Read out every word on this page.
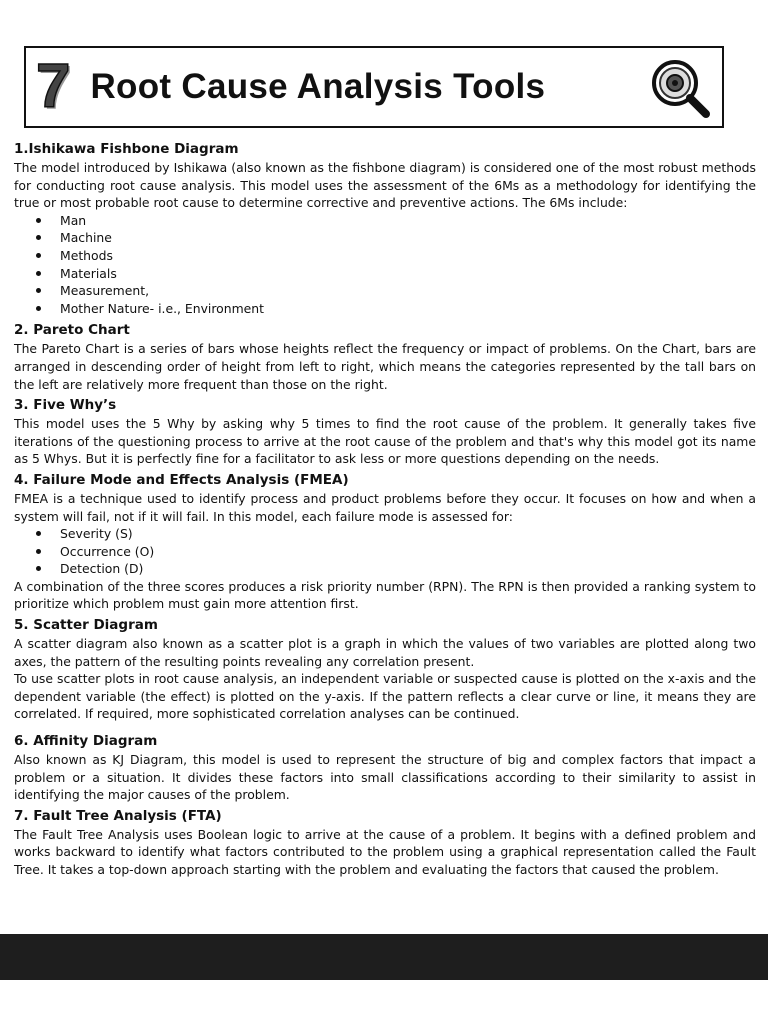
7 Root Cause Analysis Tools

1.Ishikawa Fishbone Diagram

The model introduced by Ishikawa (also known as the fishbone diagram) is considered one of the most robust methods for conducting root cause analysis. This model uses the assessment of the 6Ms as a methodology for identifying the true or most probable root cause to determine corrective and preventive actions. The 6Ms include:

Man
Machine
Methods
Materials
Measurement,
Mother Nature- i.e., Environment

2. Pareto Chart

The Pareto Chart is a series of bars whose heights reflect the frequency or impact of problems. On the Chart, bars are arranged in descending order of height from left to right, which means the categories represented by the tall bars on the left are relatively more frequent than those on the right.

3. Five Why’s

This model uses the 5 Why by asking why 5 times to find the root cause of the problem. It generally takes five iterations of the questioning process to arrive at the root cause of the problem and that's why this model got its name as 5 Whys. But it is perfectly fine for a facilitator to ask less or more questions depending on the needs.

4. Failure Mode and Effects Analysis (FMEA)

FMEA is a technique used to identify process and product problems before they occur. It focuses on how and when a system will fail, not if it will fail. In this model, each failure mode is assessed for:

Severity (S)
Occurrence (O)
Detection (D)

A combination of the three scores produces a risk priority number (RPN). The RPN is then provided a ranking system to prioritize which problem must gain more attention first.

5. Scatter Diagram

A scatter diagram also known as a scatter plot is a graph in which the values of two variables are plotted along two axes, the pattern of the resulting points revealing any correlation present.

To use scatter plots in root cause analysis, an independent variable or suspected cause is plotted on the x-axis and the dependent variable (the effect) is plotted on the y-axis. If the pattern reflects a clear curve or line, it means they are correlated. If required, more sophisticated correlation analyses can be continued.

6. Affinity Diagram

Also known as KJ Diagram, this model is used to represent the structure of big and complex factors that impact a problem or a situation. It divides these factors into small classifications according to their similarity to assist in identifying the major causes of the problem.

7. Fault Tree Analysis (FTA)

The Fault Tree Analysis uses Boolean logic to arrive at the cause of a problem. It begins with a defined problem and works backward to identify what factors contributed to the problem using a graphical representation called the Fault Tree. It takes a top-down approach starting with the problem and evaluating the factors that caused the problem.
